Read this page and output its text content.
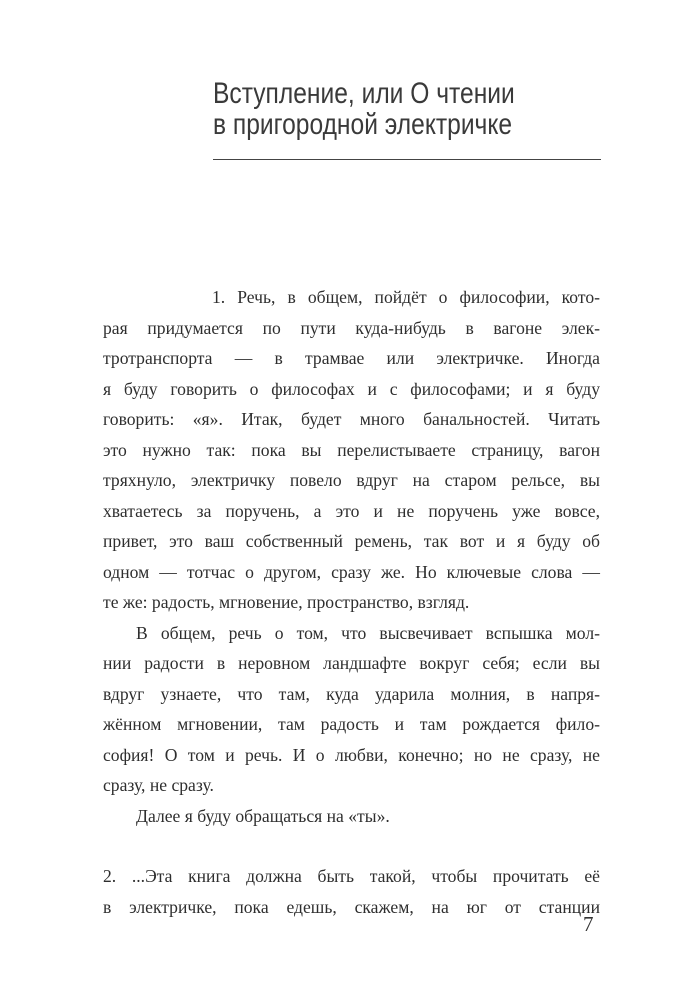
Вступление, или О чтении
в пригородной электричке
1. Речь, в общем, пойдёт о философии, кото-
рая придумается по пути куда-нибудь в вагоне элек-
тротранспорта — в трамвае или электричке. Иногда
я буду говорить о философах и с философами; и я буду
говорить: «я». Итак, будет много банальностей. Читать
это нужно так: пока вы перелистываете страницу, вагон
тряхнуло, электричку повело вдруг на старом рельсе, вы
хватаетесь за поручень, а это и не поручень уже вовсе,
привет, это ваш собственный ремень, так вот и я буду об
одном — тотчас о другом, сразу же. Но ключевые слова —
те же: радость, мгновение, пространство, взгляд.
В общем, речь о том, что высвечивает вспышка мол-
нии радости в неровном ландшафте вокруг себя; если вы
вдруг узнаете, что там, куда ударила молния, в напря-
жённом мгновении, там радость и там рождается фило-
софия! О том и речь. И о любви, конечно; но не сразу, не
сразу, не сразу.
Далее я буду обращаться на «ты».
2. ...Эта книга должна быть такой, чтобы прочитать её
в электричке, пока едешь, скажем, на юг от станции
7
